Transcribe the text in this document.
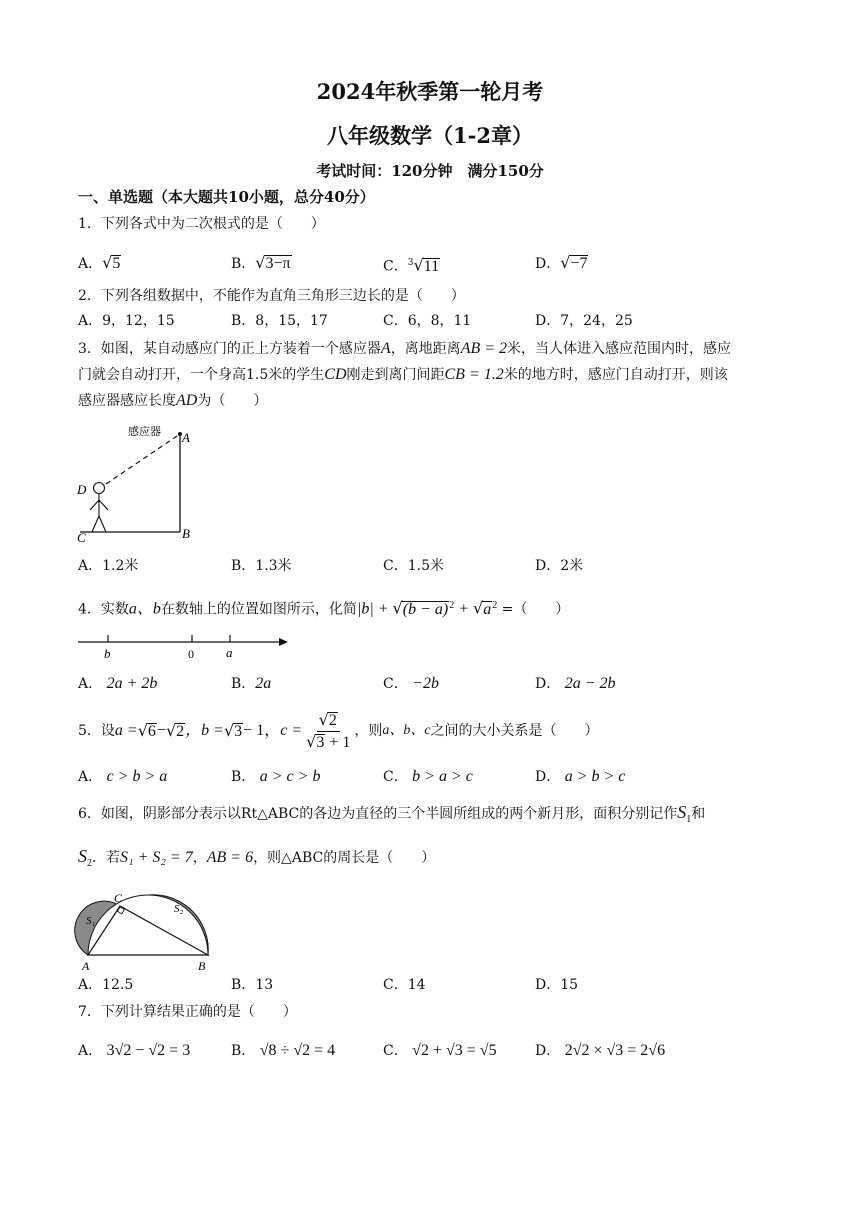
2024年秋季第一轮月考
八年级数学（1-2章）
考试时间：120分钟　满分150分
一、单选题（本大题共10小题，总分40分）
1．下列各式中为二次根式的是（　　）
A．√5	B．√3−π	C．$^3$√11	D．√−7
2．下列各组数据中，不能作为直角三角形三边长的是（　　）
A．9，12，15	B．8，15，17	C．6，8，11	D．7，24，25
3．如图，某自动感应门的正上方装着一个感应器A，离地距离AB = 2米，当人体进入感应范围内时，感应
门就会自动打开，一个身高1.5米的学生CD刚走到离门间距CB = 1.2米的地方时，感应门自动打开，则该
感应器感应长度AD为（　　）
感应器 A
B
C
D
A．1.2米	B．1.3米	C．1.5米	D．2米
4．实数a、b在数轴上的位置如图所示，化简$|b| + √(b - a)^2 + √a^2$ =（　　）
b	0 a
A． 2a + 2b	B．2a	C． −2b	D． 2a − 2b
5．设 a = √ 6 − √ 2 ，b = √ 3 − 1， $c = \frac{√2}{√3 + 1}$ ，则 a、b、c 之间的大小关系是（　　）
A． c > b > a	B． a > c > b	C． b > a > c	D． a > b > c
6．如图，阴影部分表示以Rt△ABC的各边为直径的三个半圆所组成的两个新月形，面积分别记作$S_1$和
$S_2$．若S₁ + S₂ = 7，AB = 6，则△ABC的周长是（　　）
C
A	B
S₁
S₂
A．12.5	B．13	C．14	D．15
7．下列计算结果正确的是（　　）
A． 3√2 − √2 = 3	B． √8 ÷ √2 = 4	C． √2 + √3 = √5	D． 2√2 × √3 = 2√6
